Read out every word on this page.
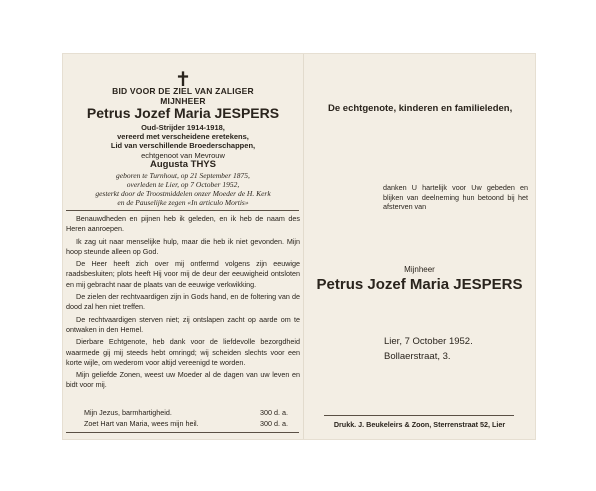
✝
BID VOOR DE ZIEL VAN ZALIGER
MIJNHEER
Petrus Jozef Maria JESPERS
Oud-Strijder 1914-1918,
vereerd met verscheidene eretekens,
Lid van verschillende Broederschappen,
echtgenoot van Mevrouw
Augusta THYS
geboren te Turnhout, op 21 September 1875,
overleden te Lier, op 7 October 1952,
gesterkt door de Troostmiddelen onzer Moeder de H. Kerk
en de Pauselijke zegen «In articulo Mortis»

Benauwdheden en pijnen heb ik geleden, en ik heb de naam des Heren aanroepen.

Ik zag uit naar menselijke hulp, maar die heb ik niet gevonden. Mijn hoop steunde alleen op God.

De Heer heeft zich over mij ontfermd volgens zijn eeuwige raadsbesluiten; plots heeft Hij voor mij de deur der eeuwigheid ontsloten en mij gebracht naar de plaats van de eeuwige verkwikking.

De zielen der rechtvaardigen zijn in Gods hand, en de foltering van de dood zal hen niet treffen.

De rechtvaardigen sterven niet; zij ontslapen zacht op aarde om te ontwaken in den Hemel.

Dierbare Echtgenote, heb dank voor de liefdevolle bezorgdheid waarmede gij mij steeds hebt omringd; wij scheiden slechts voor een korte wijle, om wederom voor altijd vereenigd te worden.

Mijn geliefde Zonen, weest uw Moeder al de dagen van uw leven en bidt voor mij.

Mijn Jezus, barmhartigheid.	300 d. a.
Zoet Hart van Maria, wees mijn heil.	300 d. a.
De echtgenote, kinderen en familieleden,
danken U hartelijk voor Uw gebeden en blijken van deelneming hun betoond bij het afsterven van
Mijnheer
Petrus Jozef Maria JESPERS
Lier, 7 October 1952.
Bollaerstraat, 3.
Drukk. J. Beukeleirs & Zoon, Sterrenstraat 52, Lier
